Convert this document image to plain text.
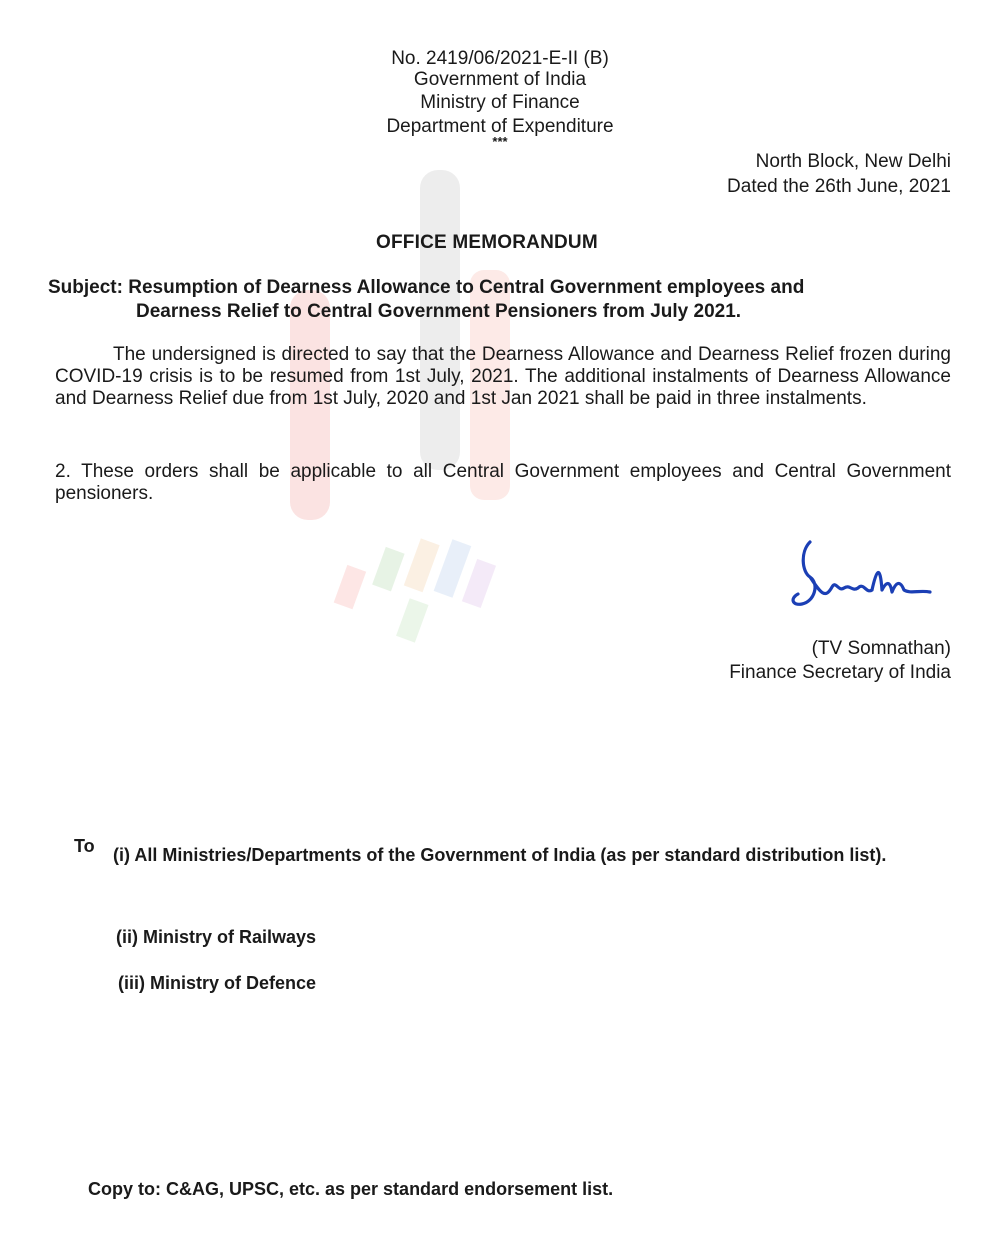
No. 2419/06/2021-E-II (B)
Government of India
Ministry of Finance
Department of Expenditure
***
North Block, New Delhi
Dated the 26th June, 2021
OFFICE MEMORANDUM
Subject: Resumption of Dearness Allowance to Central Government employees and
Dearness Relief to Central Government Pensioners from July 2021.
The undersigned is directed to say that the Dearness Allowance and Dearness Relief frozen during COVID-19 crisis is to be resumed from 1st July, 2021. The additional instalments of Dearness Allowance and Dearness Relief due from 1st July, 2020 and 1st Jan 2021 shall be paid in three instalments.
2. These orders shall be applicable to all Central Government employees and Central Government pensioners.
(TV Somnathan)
Finance Secretary of India
To (i) All Ministries/Departments of the Government of India (as per standard distribution list).
(ii) Ministry of Railways
(iii) Ministry of Defence
Copy to: C&AG, UPSC, etc. as per standard endorsement list.
